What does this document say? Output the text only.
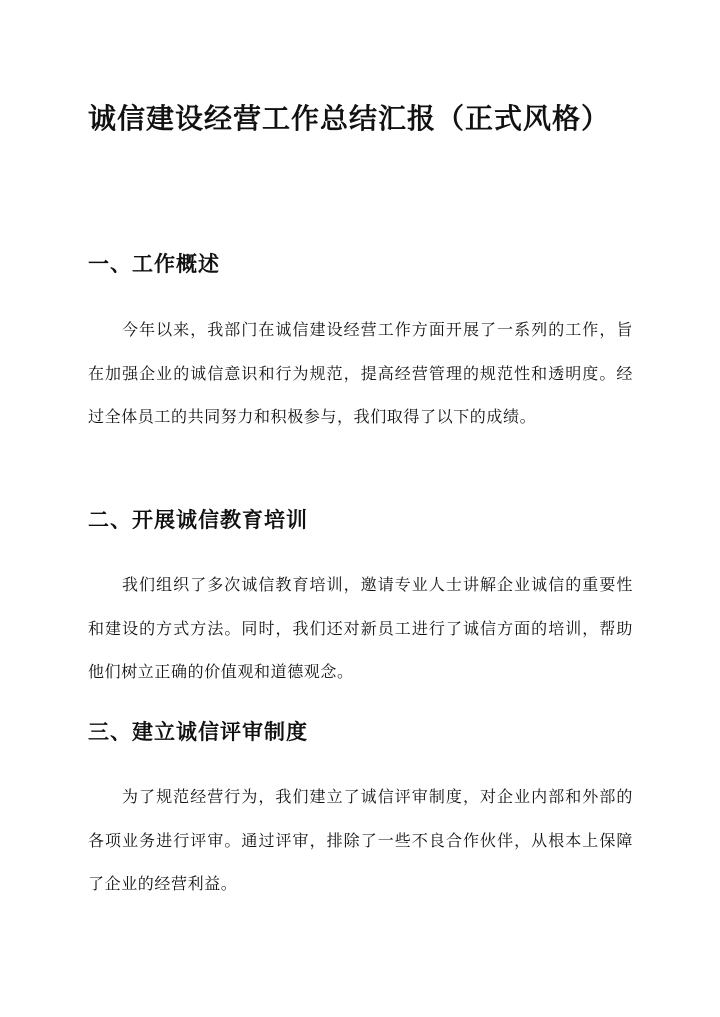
诚信建设经营工作总结汇报（正式风格）
一、工作概述

今年以来，我部门在诚信建设经营工作方面开展了一系列的工作，旨在加强企业的诚信意识和行为规范，提高经营管理的规范性和透明度。经过全体员工的共同努力和积极参与，我们取得了以下的成绩。

二、开展诚信教育培训

我们组织了多次诚信教育培训，邀请专业人士讲解企业诚信的重要性和建设的方式方法。同时，我们还对新员工进行了诚信方面的培训，帮助他们树立正确的价值观和道德观念。

三、建立诚信评审制度

为了规范经营行为，我们建立了诚信评审制度，对企业内部和外部的各项业务进行评审。通过评审，排除了一些不良合作伙伴，从根本上保障了企业的经营利益。
